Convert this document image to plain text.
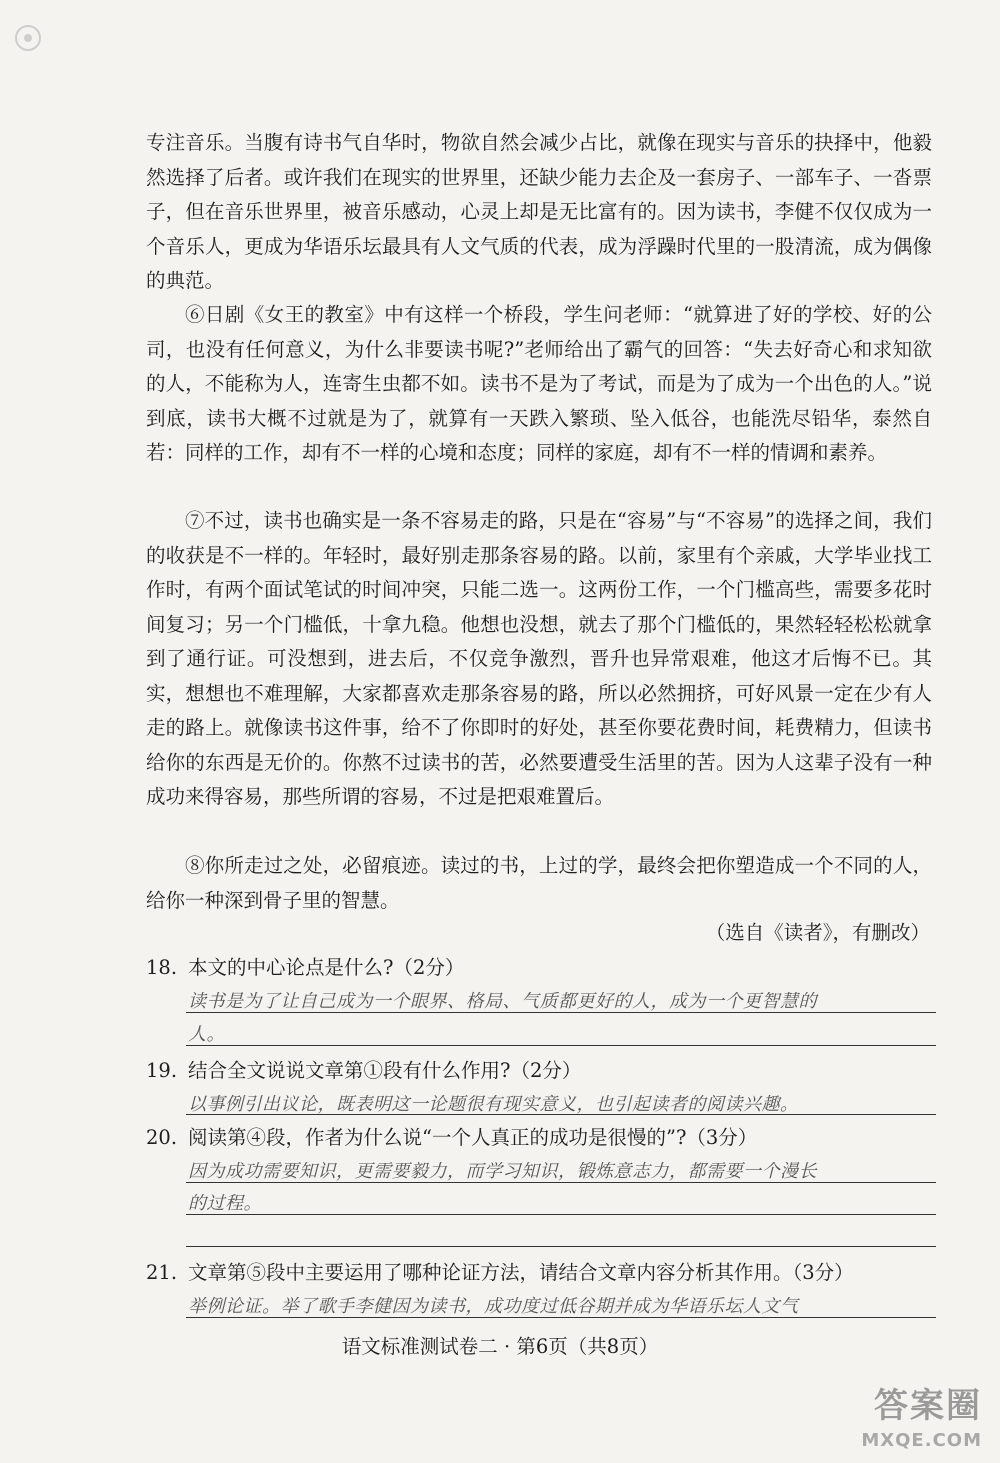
专注音乐。当腹有诗书气自华时，物欲自然会减少占比，就像在现实与音乐的抉择中，他毅然选择了后者。或许我们在现实的世界里，还缺少能力去企及一套房子、一部车子、一沓票子，但在音乐世界里，被音乐感动，心灵上却是无比富有的。因为读书，李健不仅仅成为一个音乐人，更成为华语乐坛最具有人文气质的代表，成为浮躁时代里的一股清流，成为偶像的典范。
⑥日剧《女王的教室》中有这样一个桥段，学生问老师：“就算进了好的学校、好的公司，也没有任何意义，为什么非要读书呢?”老师给出了霸气的回答：“失去好奇心和求知欲的人，不能称为人，连寄生虫都不如。读书不是为了考试，而是为了成为一个出色的人。”说到底，读书大概不过就是为了，就算有一天跌入繁琐、坠入低谷，也能洗尽铅华，泰然自若：同样的工作，却有不一样的心境和态度；同样的家庭，却有不一样的情调和素养。
⑦不过，读书也确实是一条不容易走的路，只是在“容易”与“不容易”的选择之间，我们的收获是不一样的。年轻时，最好别走那条容易的路。以前，家里有个亲戚，大学毕业找工作时，有两个面试笔试的时间冲突，只能二选一。这两份工作，一个门槛高些，需要多花时间复习；另一个门槛低，十拿九稳。他想也没想，就去了那个门槛低的，果然轻轻松松就拿到了通行证。可没想到，进去后，不仅竞争激烈，晋升也异常艰难，他这才后悔不已。其实，想想也不难理解，大家都喜欢走那条容易的路，所以必然拥挤，可好风景一定在少有人走的路上。就像读书这件事，给不了你即时的好处，甚至你要花费时间，耗费精力，但读书给你的东西是无价的。你熬不过读书的苦，必然要遭受生活里的苦。因为人这辈子没有一种成功来得容易，那些所谓的容易，不过是把艰难置后。
⑧你所走过之处，必留痕迹。读过的书，上过的学，最终会把你塑造成一个不同的人，给你一种深到骨子里的智慧。
（选自《读者》，有删改）
18. 本文的中心论点是什么?（2分）
读书是为了让自己成为一个眼界、格局、气质都更好的人，成为一个更智慧的
人。
19. 结合全文说说文章第①段有什么作用?（2分）
以事例引出议论，既表明这一论题很有现实意义，也引起读者的阅读兴趣。
20. 阅读第④段，作者为什么说“一个人真正的成功是很慢的”?（3分）
因为成功需要知识，更需要毅力，而学习知识，锻炼意志力，都需要一个漫长
的过程。
21. 文章第⑤段中主要运用了哪种论证方法，请结合文章内容分析其作用。（3分）
举例论证。举了歌手李健因为读书，成功度过低谷期并成为华语乐坛人文气
语文标准测试卷二 · 第6页（共8页）
答案圈
MXQE.COM
